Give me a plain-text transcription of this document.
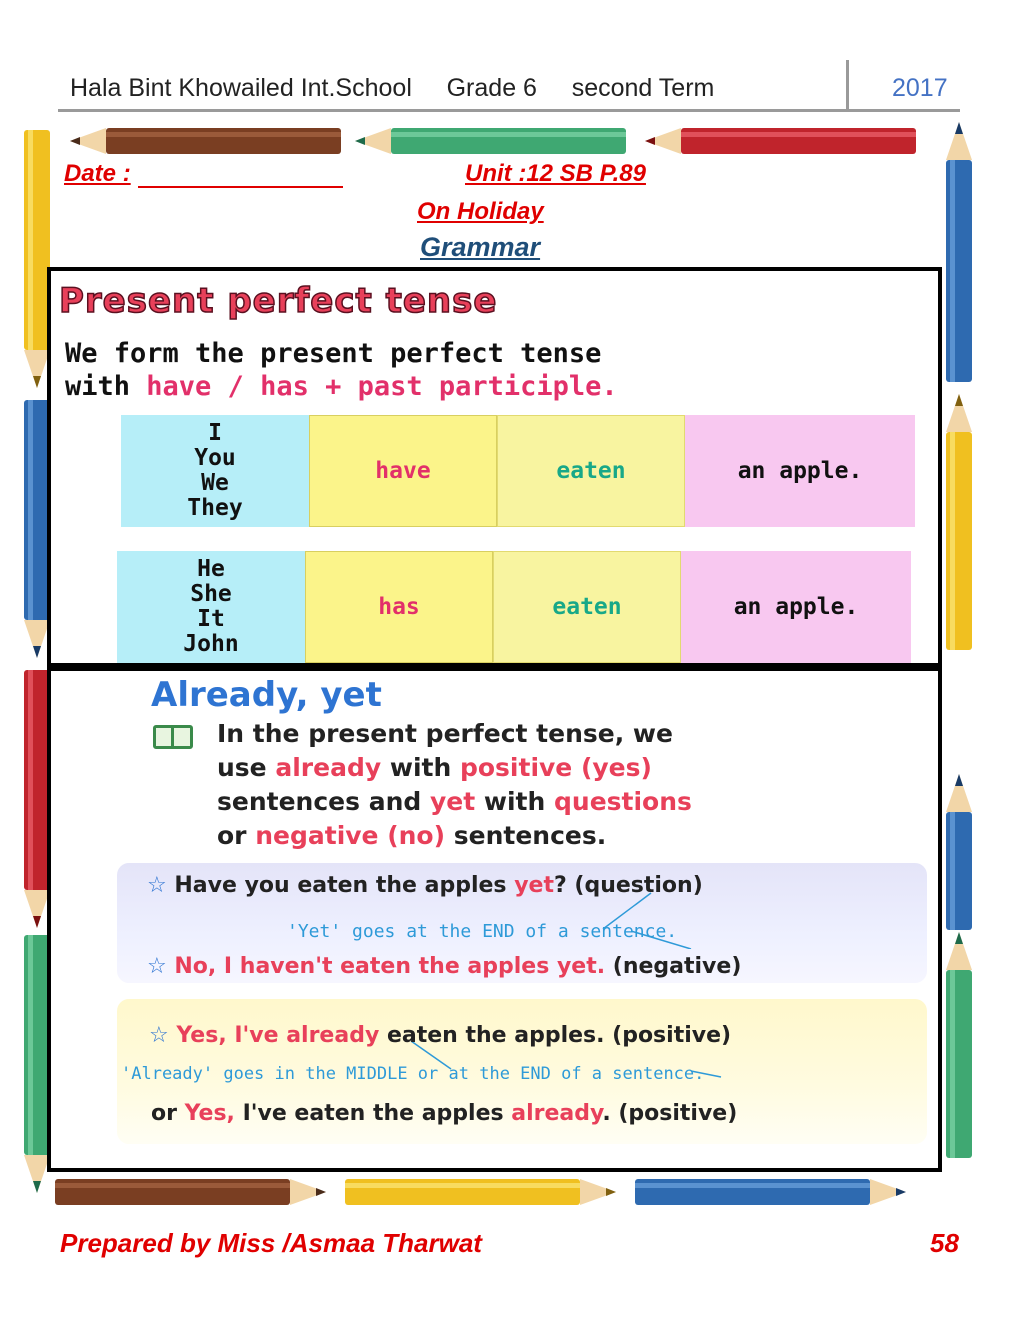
Hala Bint Khowailed Int.School Grade 6 second Term	2017
Date :	Unit :12 SB P.89
On Holiday
Grammar
Present perfect tense
We form the present perfect tense
with have / has + past participle.
I
You
We
They
have	eaten	an apple.
He
She
It
John
has	eaten	an apple.
Already, yet
In the present perfect tense, we
use already with positive (yes)
sentences and yet with questions
or negative (no) sentences.
☆ Have you eaten the apples yet? (question)
'Yet' goes at the END of a sentence.
☆ No, I haven't eaten the apples yet. (negative)
☆ Yes, I've already eaten the apples. (positive)
'Already' goes in the MIDDLE or at the END of a sentence.
or Yes, I've eaten the apples already. (positive)
Prepared by Miss /Asmaa Tharwat	58
